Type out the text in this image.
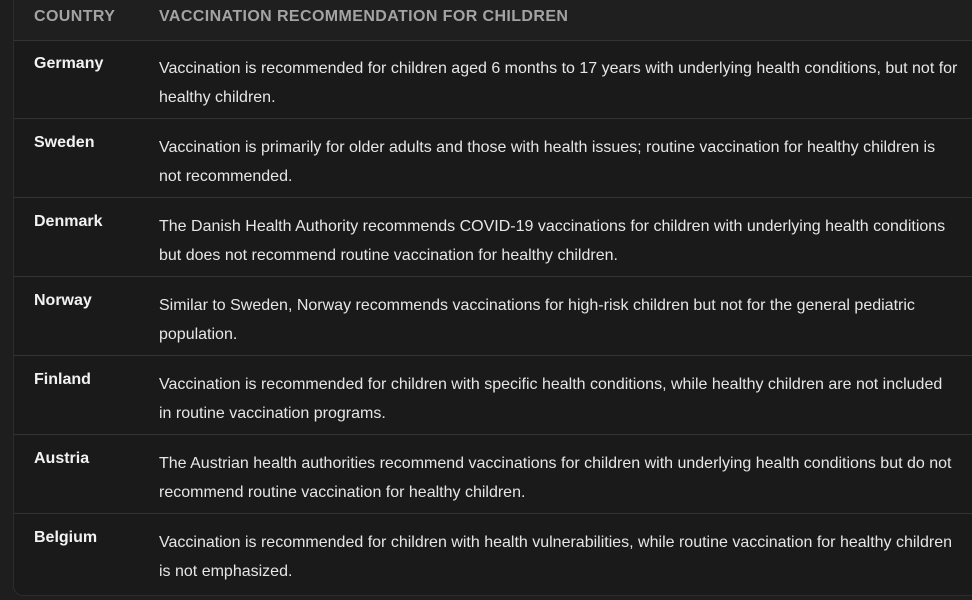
COUNTRY	VACCINATION RECOMMENDATION FOR CHILDREN
Germany	Vaccination is recommended for children aged 6 months to 17 years with underlying health conditions, but not for healthy children.
Sweden	Vaccination is primarily for older adults and those with health issues; routine vaccination for healthy children is not recommended.
Denmark	The Danish Health Authority recommends COVID-19 vaccinations for children with underlying health conditions but does not recommend routine vaccination for healthy children.
Norway	Similar to Sweden, Norway recommends vaccinations for high-risk children but not for the general pediatric population.
Finland	Vaccination is recommended for children with specific health conditions, while healthy children are not included in routine vaccination programs.
Austria	The Austrian health authorities recommend vaccinations for children with underlying health conditions but do not recommend routine vaccination for healthy children.
Belgium	Vaccination is recommended for children with health vulnerabilities, while routine vaccination for healthy children is not emphasized.
